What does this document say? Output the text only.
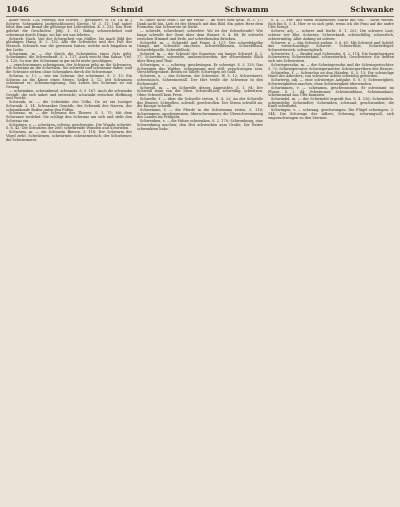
1046	Schmid	Schwamm	Schwanke

Adler Woch. 124; Hedwig. mit Schwm ... gehindert. W. 1b. 14; m. j Schwer. Schwanken (aufgeschlossen) Kirche. W. 3. 11; Und naher lehrt ihm und Brand die gehörige bei Lehrstühlen. K. 3. 233. Das Herr gelehrt die Geschichte. Jöfg. 1. 51; Ruhig schmeichelnd und schwimmt durch Dinge, wo hin wir uns lehrten.

Schweb. Nach. Von der Schwacheit von Müller. Sie mach Bild der gläubigen Hang. K. 2. 132. Alle die Schwäche und der Fuß der Mensch. Schwach war die gewissen Saiten, welche sich hingaben in der Liebe.

Schwamm, m. — der durch die Schwänden eines Orts geht. Schwämme, die Schwerkraft. S. 3. 137; Auch weicht ihm Sahne. Vrtl. 3. 120; So war der Schwamm in gar nicht mehr geschlagen.

— verschwommen schwimmen, der Schwanz geht an die Schwanen, der Schwanz an die Schwellen. Sie schwebt und schwimmt daher; und die Schwäne ziehen ohne Schwanken durch die Schwemme.

Schwan. n. 1.) — wie ein Schwan, der schwimmt. S. 2. 13; Ein Schwan an die Küsse eines Meers. Selbst 3. 12; Mit Schwanen schwimmt er; Schwanengesang. Das Leben des Schwans ist ein Gesang.

— schwanken, schwankend, schwankt. S. 5. 167. Auch die schwanke Gestalt, die sich nahet und entweicht; schwankt zwischen Hoffnung und Furcht.

Schwank, m. — die Schwänke des Volks. Da ist ein lustiger Schwank. 3. 14. Schwankes Gemüth; der Schwank des Narren, der schwankende Boden unter den Füßen.

Schwanz, m. — der Schwanz des Thieres. S. 3. 75; Mit dem Schwanze wedelnd. Sie schlägt den Schwanz um sich und zieht den Schwanz ein.

Schwären, v. — schwären, schwor, geschworen. Die Wunde schwärt. S. 6. 42; Die Schwären der Zeit; schwärende Wunden und Schwielen.

Schwarm, m. — ein Schwarm Bienen. 3. 118; Der Schwarm der Vögel zieht. Schwärmen, schwärmte, schwärmerisch; der Schwärmer, die Schwärmerei.

tt. (über nicht fehlt.) Sie die Ferne ... im Wort sehr gelb. W. 3. 17; Dank nicht hin. Lieb ist der Mensch mit ihm Bild. Ein gutes Herz dem Fremden; das Schwerste ist leicht.

— schwebt, schwebend, schwebte. Wo ist der Schwebende? Wie lange schwebt der Geist über dem Wasser. S. 4. 88; Er schwebt zwischen Himmel und Erde, auf schwebenden Brücken.

Schwefel, m. — Schwefel und Feuer. 4. 127; Der schwefelgelbe Dampf; mit Schwefel räuchern. Schwefelblumen, Schwefelbad, Schwefelquelle, Schwefelholz.

Schweif, m. — der Schweif des Kometen; ein langer Schweif. S. 2. 17; Schweifen, schweifte, umherschweifen; der schweifende Blick über Berg und Thal.

Schweigen, v. — schwieg, geschwiegen. Er schweigt. S. 3. 133; Das Schweigen des Waldes; schweigsam und still; verschwiegen sein, Verschwiegenheit. Reden ist Silber, Schweigen ist Gold.

Schwein, n. — das Schwein, die Schweine. W. 5. 12; Schweinerei, schweinisch, Schweinestall. Der Hirt treibt die Schweine in den Eichenwald.

Schweiß, m. — im Schweiße deines Angesichts. S. 1. 94; Der Schweiß rinnt von der Stirn. Schweißtuch, schweißig, schwitzen. Ohne Schweiß kein Preis.

Schwelle, f. — über die Schwelle treten. S. 4. 23; An der Schwelle des Hauses; Schwellen, schwoll, geschwollen. Der Strom schwillt an; die Knospe schwillt.

Schwemme, f. — die Pferde in die Schwemme reiten. 3. 116; Schwemmen, anschwemmen, überschwemmen; die Überschwemmung des Landes im Frühjahr.

Schwenken, v. — die Fahne schwenken. S. 2. 170; Schwenkung, eine Schwenkung machen; den Hut schwenken zum Gruße; Die Reiter schwenkten links.

S. 4. — Für: Auf einen blühendern Markt mit Stil ... nicht vielem. Sich hin S. 3. 4. Hier er in sich geht, wenn ich die Frau auf die andre Ufer bringt.

Schwer, adj. — schwer und leicht. S. 1. 202; Die schwere Last; schwer wie Blei. Schwere, Schwerkraft, schwerfällig, schwerlich, schwermütig. Aller Anfang ist schwer.

Schwert, n. — das Schwert ziehen. 3. 6. 61; Mit Schwert und Schild; das zweischneidige Schwert. Schwertlilie, Schwertfeger, Schwertstreich, schwertgleich.

Schwester, f. — Bruder und Schwester. S. 2. 114; Die barmherzigen Schwestern; Schwesterkind, schwesterlich, Geschwister. Sie liebten sich wie Schwestern.

Schwiegersohn, m. — der Schwiegersohn und die Schwiegertochter. 3. 72; Schwiegervater, Schwiegermutter, Schwiegereltern des Hauses.

Schwielen, f. — Schwielen an den Händen. S. 5. 13; Die schwielige Hand des Arbeiters; von schwerer Arbeit schwielig geworden.

Schwierig, adj. — eine schwierige Aufgabe. S. 6. 5; Schwierigkeit, Schwierigkeiten machen; ohne Schwierigkeit überwinden.

Schwimmen, v. — schwamm, geschwommen. Er schwimmt im Flusse. S. 2. 44; Schwimmer, Schwimmblase, Schwimmhaut, schwimmend ans Ufer kommen.

Schwindel, m. — der Schwindel ergreift ihn. S. 4. 136; Schwindeln, schwindelig, Schwindler; Schwinden, schwand, geschwunden; die Kraft schwindet.

Schwingen, v. — schwang, geschwungen. Die Flügel schwingen. 3. 144; Die Schwinge des Adlers; Schwung, schwungvoll, sich emporschwingen zu den Sternen.
